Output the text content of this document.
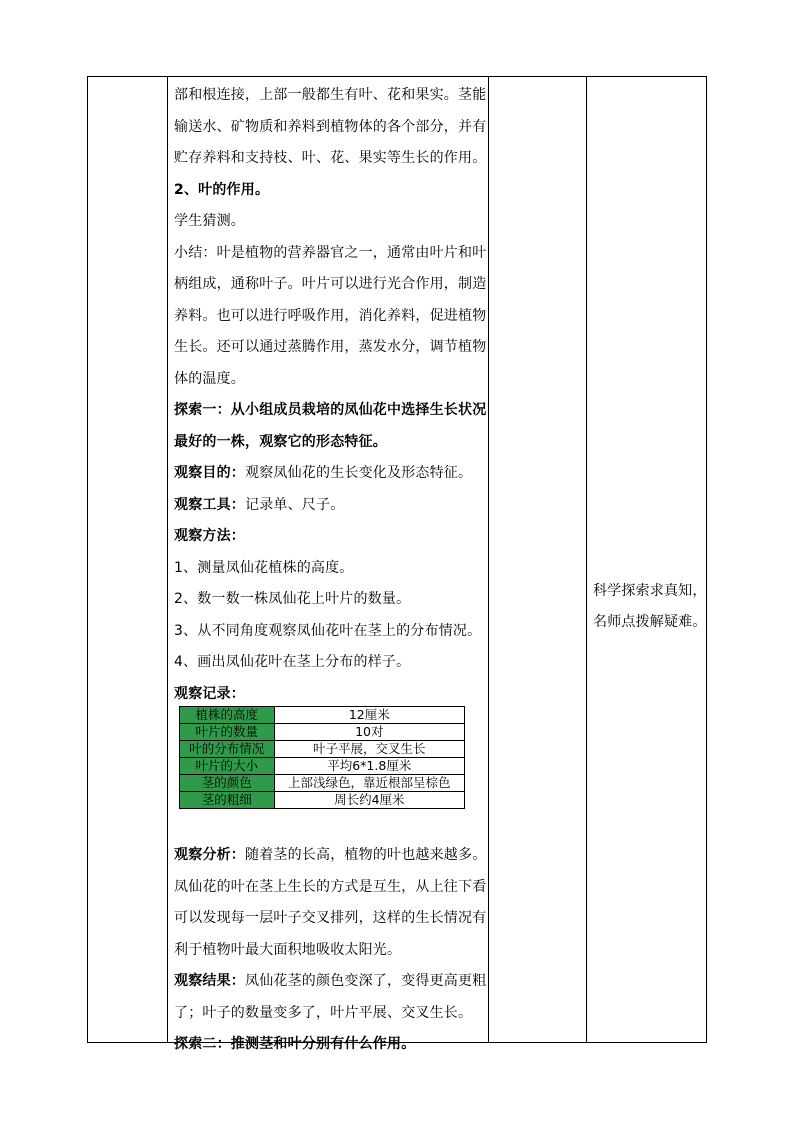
部和根连接，上部一般都生有叶、花和果实。茎能
输送水、矿物质和养料到植物体的各个部分，并有
贮存养料和支持枝、叶、花、果实等生长的作用。
2、叶的作用。
学生猜测。
小结：叶是植物的营养器官之一，通常由叶片和叶
柄组成，通称叶子。叶片可以进行光合作用，制造
养料。也可以进行呼吸作用，消化养料，促进植物
生长。还可以通过蒸腾作用，蒸发水分，调节植物
体的温度。
探索一：从小组成员栽培的凤仙花中选择生长状况
最好的一株，观察它的形态特征。
观察目的：观察凤仙花的生长变化及形态特征。
观察工具：记录单、尺子。
观察方法：
1、测量凤仙花植株的高度。
2、数一数一株凤仙花上叶片的数量。
3、从不同角度观察凤仙花叶在茎上的分布情况。
4、画出凤仙花叶在茎上分布的样子。
观察记录：
观察分析：随着茎的长高，植物的叶也越来越多。
凤仙花的叶在茎上生长的方式是互生，从上往下看
可以发现每一层叶子交叉排列，这样的生长情况有
利于植物叶最大面积地吸收太阳光。
观察结果：凤仙花茎的颜色变深了，变得更高更粗
了；叶子的数量变多了，叶片平展、交叉生长。
探索二：推测茎和叶分别有什么作用。
植株的高度	12厘米
叶片的数量	10对
叶的分布情况	叶子平展，交叉生长
叶片的大小	平均6*1.8厘米
茎的颜色	上部浅绿色，靠近根部呈棕色
茎的粗细	周长约4厘米
科学探索求真知，
名师点拨解疑难。
